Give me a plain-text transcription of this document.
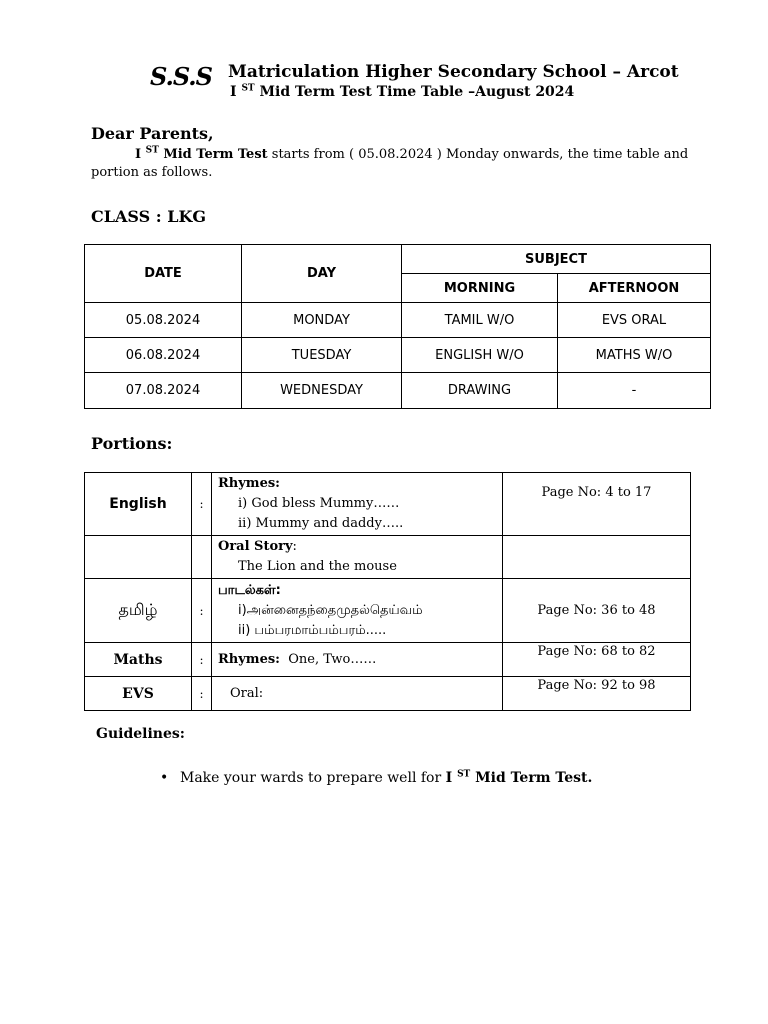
S.S.S Matriculation Higher Secondary School – Arcot
I $^{ST}$ Mid Term Test Time Table –August 2024
Dear Parents,
I $^{ST}$ Mid Term Test starts from ( 05.08.2024 ) Monday onwards, the time table and portion as follows.
CLASS : LKG
DATE	DAY	SUBJECT	
		MORNING	AFTERNOON
05.08.2024	MONDAY	TAMIL W/O	EVS ORAL
06.08.2024	TUESDAY	ENGLISH W/O	MATHS W/O
07.08.2024	WEDNESDAY	DRAWING	-
Portions:
English	:	Rhymes:
i) God bless Mummy……
ii) Mummy and daddy…..	Page No: 4 to 17

		Oral Story:
The Lion and the mouse	

தமிழ்	:	பாடல்கள்:
i)அன்னைதந்தைமுதல்தெய்வம்
ii) பம்பரமாம்பம்பரம்.....	Page No: 36 to 48
Maths	:	Rhymes: One, Two……	Page No: 68 to 82
EVS	:	Oral:	Page No: 92 to 98
Guidelines:
• Make your wards to prepare well for I $^{ST}$ Mid Term Test.
